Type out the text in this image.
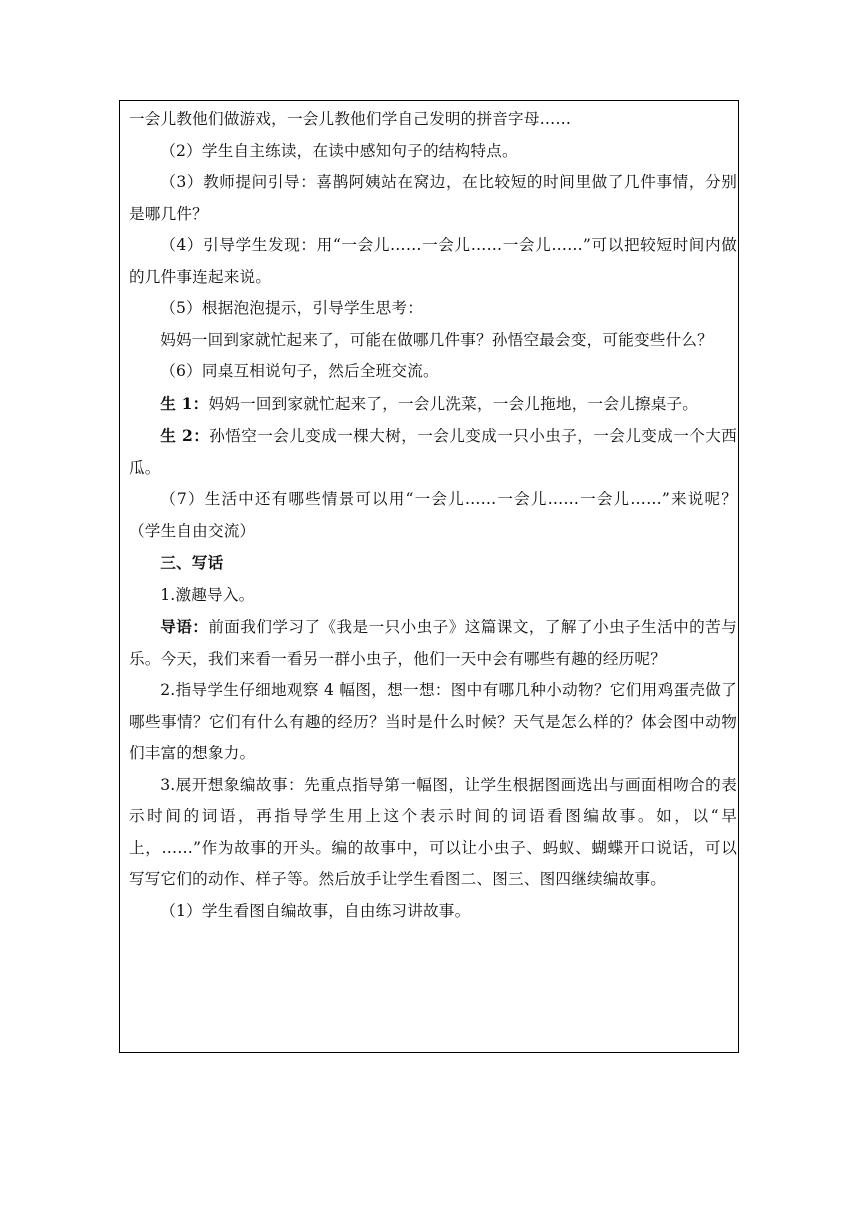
一会儿教他们做游戏，一会儿教他们学自己发明的拼音字母……

（2）学生自主练读，在读中感知句子的结构特点。

（3）教师提问引导：喜鹊阿姨站在窝边，在比较短的时间里做了几件事情，分别是哪几件？

（4）引导学生发现：用“一会儿……一会儿……一会儿……”可以把较短时间内做的几件事连起来说。

（5）根据泡泡提示，引导学生思考：

妈妈一回到家就忙起来了，可能在做哪几件事？孙悟空最会变，可能变些什么？

（6）同桌互相说句子，然后全班交流。

生 1：妈妈一回到家就忙起来了，一会儿洗菜，一会儿拖地，一会儿擦桌子。

生 2：孙悟空一会儿变成一棵大树，一会儿变成一只小虫子，一会儿变成一个大西瓜。

（7）生活中还有哪些情景可以用“一会儿……一会儿……一会儿……”来说呢？（学生自由交流）

三、写话

1.激趣导入。

导语：前面我们学习了《我是一只小虫子》这篇课文，了解了小虫子生活中的苦与乐。今天，我们来看一看另一群小虫子，他们一天中会有哪些有趣的经历呢？

2.指导学生仔细地观察 4 幅图，想一想：图中有哪几种小动物？它们用鸡蛋壳做了哪些事情？它们有什么有趣的经历？当时是什么时候？天气是怎么样的？体会图中动物们丰富的想象力。

3.展开想象编故事：先重点指导第一幅图，让学生根据图画选出与画面相吻合的表示时间的词语，再指导学生用上这个表示时间的词语看图编故事。如，以“早上，……”作为故事的开头。编的故事中，可以让小虫子、蚂蚁、蝴蝶开口说话，可以写写它们的动作、样子等。然后放手让学生看图二、图三、图四继续编故事。

（1）学生看图自编故事，自由练习讲故事。
